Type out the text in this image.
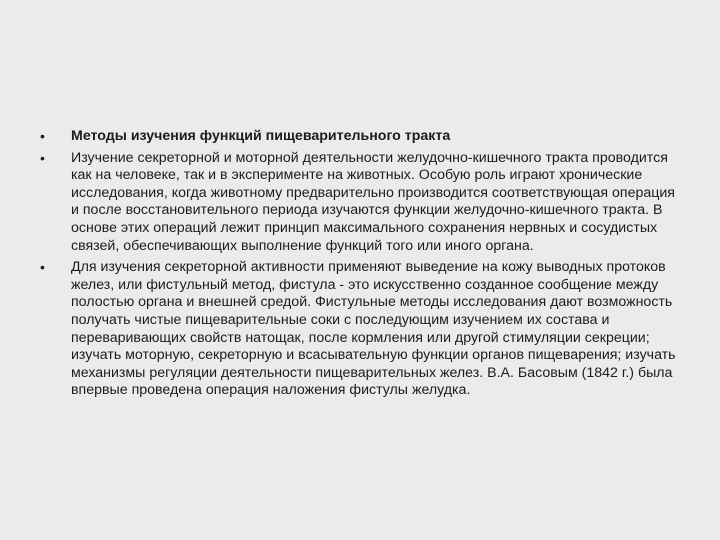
•	Методы изучения функций пищеварительного тракта
•	Изучение секреторной и моторной деятельности желудочно-кишечного тракта проводится как на человеке, так и в эксперименте на животных. Особую роль играют хронические исследования, когда животному предварительно производится соответствующая операция и после восстановительного периода изучаются функции желудочно-кишечного тракта. В основе этих операций лежит принцип максимального сохранения нервных и сосудистых связей, обеспечивающих выполнение функций того или иного органа.
•	Для изучения секреторной активности применяют выведение на кожу выводных протоков желез, или фистульный метод, фистула - это искусственно созданное сообщение между полостью органа и внешней средой. Фистульные методы исследования дают возможность получать чистые пищеварительные соки с последующим изучением их состава и переваривающих свойств натощак, после кормления или другой стимуляции секреции; изучать моторную, секреторную и всасывательную функции органов пищеварения; изучать механизмы регуляции деятельности пищеварительных желез. В.А. Басовым (1842 г.) была впервые проведена операция наложения фистулы желудка.
